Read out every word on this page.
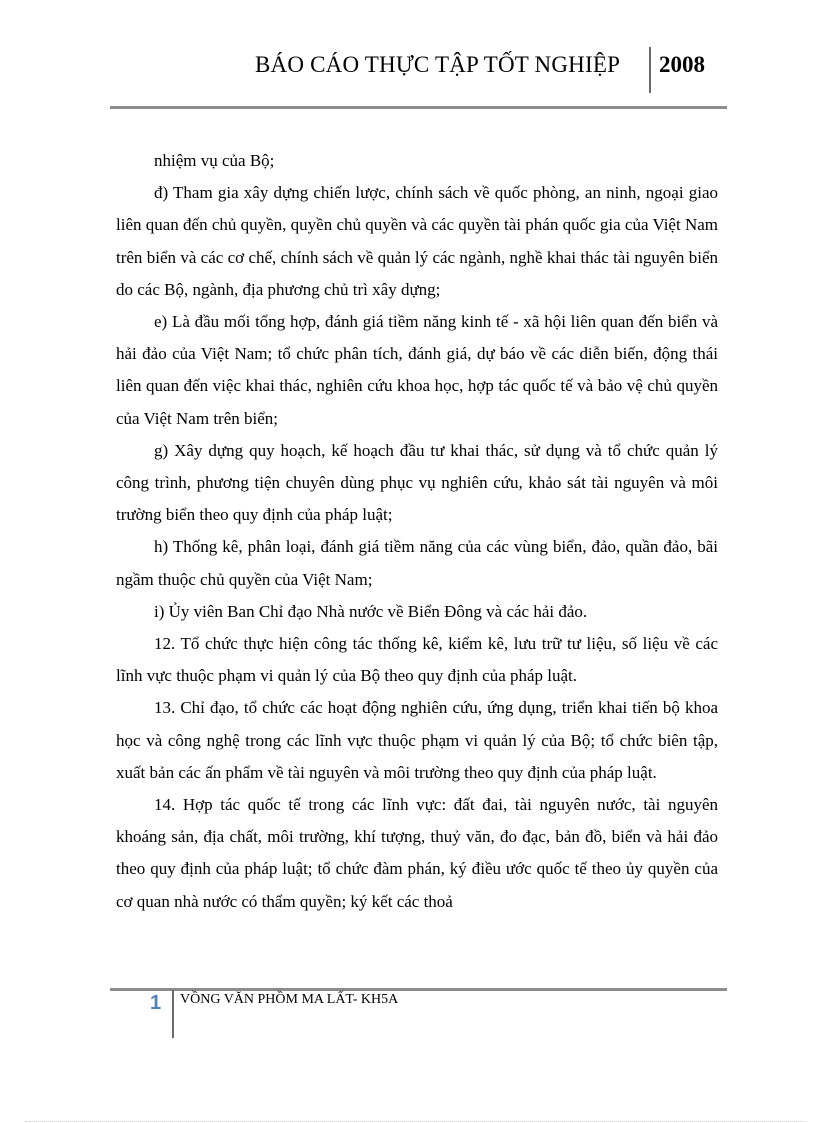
BÁO CÁO THỰC TẬP TỐT NGHIỆP 2008

nhiệm vụ của Bộ;

đ) Tham gia xây dựng chiến lược, chính sách về quốc phòng, an ninh, ngoại giao liên quan đến chủ quyền, quyền chủ quyền và các quyền tài phán quốc gia của Việt Nam trên biển và các cơ chế, chính sách về quản lý các ngành, nghề khai thác tài nguyên biển do các Bộ, ngành, địa phương chủ trì xây dựng;

e) Là đầu mối tổng hợp, đánh giá tiềm năng kinh tế - xã hội liên quan đến biển và hải đảo của Việt Nam; tổ chức phân tích, đánh giá, dự báo về các diễn biến, động thái liên quan đến việc khai thác, nghiên cứu khoa học, hợp tác quốc tế và bảo vệ chủ quyền của Việt Nam trên biển;

g) Xây dựng quy hoạch, kế hoạch đầu tư khai thác, sử dụng và tổ chức quản lý công trình, phương tiện chuyên dùng phục vụ nghiên cứu, khảo sát tài nguyên và môi trường biển theo quy định của pháp luật;

h) Thống kê, phân loại, đánh giá tiềm năng của các vùng biển, đảo, quần đảo, bãi ngầm thuộc chủ quyền của Việt Nam;

i) Ủy viên Ban Chỉ đạo Nhà nước về Biển Đông và các hải đảo.

12. Tổ chức thực hiện công tác thống kê, kiểm kê, lưu trữ tư liệu, số liệu về các lĩnh vực thuộc phạm vi quản lý của Bộ theo quy định của pháp luật.

13. Chỉ đạo, tổ chức các hoạt động nghiên cứu, ứng dụng, triển khai tiến bộ khoa học và công nghệ trong các lĩnh vực thuộc phạm vi quản lý của Bộ; tổ chức biên tập, xuất bản các ấn phẩm về tài nguyên và môi trường theo quy định của pháp luật.

14. Hợp tác quốc tế trong các lĩnh vực: đất đai, tài nguyên nước, tài nguyên khoáng sản, địa chất, môi trường, khí tượng, thuỷ văn, đo đạc, bản đồ, biển và hải đảo theo quy định của pháp luật; tổ chức đàm phán, ký điều ước quốc tế theo ủy quyền của cơ quan nhà nước có thẩm quyền; ký kết các thoả

1 VỒNG VĂN PHỒM MA LẤT- KH5A
